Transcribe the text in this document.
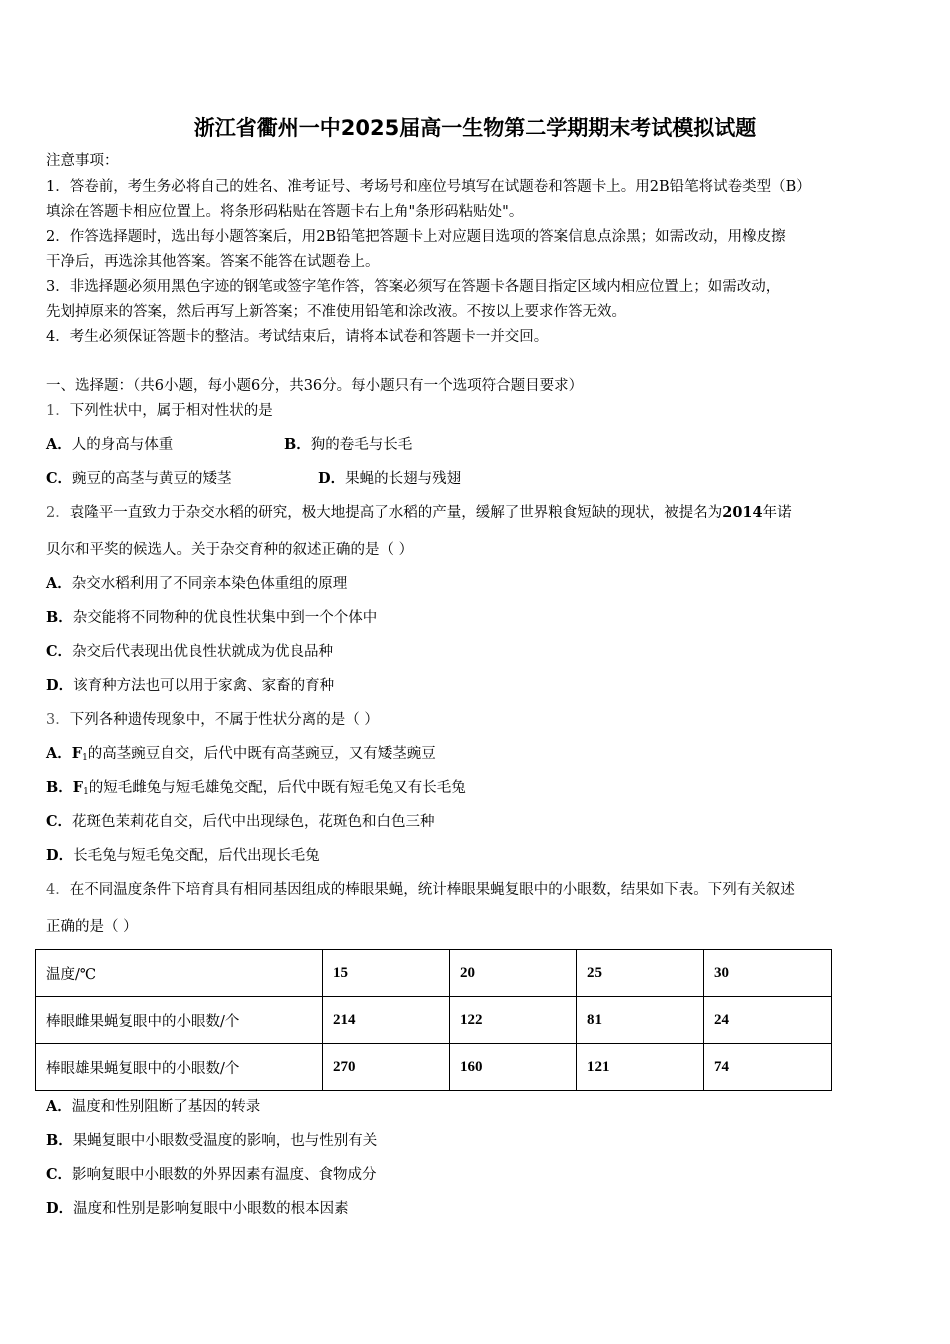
浙江省衢州一中2025届高一生物第二学期期末考试模拟试题
注意事项：
1．答卷前，考生务必将自己的姓名、准考证号、考场号和座位号填写在试题卷和答题卡上。用2B铅笔将试卷类型（B）
填涂在答题卡相应位置上。将条形码粘贴在答题卡右上角"条形码粘贴处"。
2．作答选择题时，选出每小题答案后，用2B铅笔把答题卡上对应题目选项的答案信息点涂黑；如需改动，用橡皮擦
干净后，再选涂其他答案。答案不能答在试题卷上。
3．非选择题必须用黑色字迹的钢笔或签字笔作答，答案必须写在答题卡各题目指定区域内相应位置上；如需改动，
先划掉原来的答案，然后再写上新答案；不准使用铅笔和涂改液。不按以上要求作答无效。
4．考生必须保证答题卡的整洁。考试结束后，请将本试卷和答题卡一并交回。
一、选择题：（共6小题，每小题6分，共36分。每小题只有一个选项符合题目要求）
1．下列性状中，属于相对性状的是
A．人的身高与体重	B．狗的卷毛与长毛
C．豌豆的高茎与黄豆的矮茎	D．果蝇的长翅与残翅
2．袁隆平一直致力于杂交水稻的研究，极大地提高了水稻的产量，缓解了世界粮食短缺的现状，被提名为2014年诺
贝尔和平奖的候选人。关于杂交育种的叙述正确的是（ ）
A．杂交水稻利用了不同亲本染色体重组的原理
B．杂交能将不同物种的优良性状集中到一个个体中
C．杂交后代表现出优良性状就成为优良品种
D．该育种方法也可以用于家禽、家畜的育种
3．下列各种遗传现象中，不属于性状分离的是（ ）
A．$F_1$的高茎豌豆自交，后代中既有高茎豌豆，又有矮茎豌豆
B．$F_1$的短毛雌兔与短毛雄兔交配，后代中既有短毛兔又有长毛兔
C．花斑色茉莉花自交，后代中出现绿色，花斑色和白色三种
D．长毛兔与短毛兔交配，后代出现长毛兔
4．在不同温度条件下培育具有相同基因组成的棒眼果蝇，统计棒眼果蝇复眼中的小眼数，结果如下表。下列有关叙述
正确的是（ ）
温度/℃	15	20	25	30
棒眼雌果蝇复眼中的小眼数/个	214	122	81	24
棒眼雄果蝇复眼中的小眼数/个	270	160	121	74
A．温度和性别阻断了基因的转录
B．果蝇复眼中小眼数受温度的影响，也与性别有关
C．影响复眼中小眼数的外界因素有温度、食物成分
D．温度和性别是影响复眼中小眼数的根本因素
